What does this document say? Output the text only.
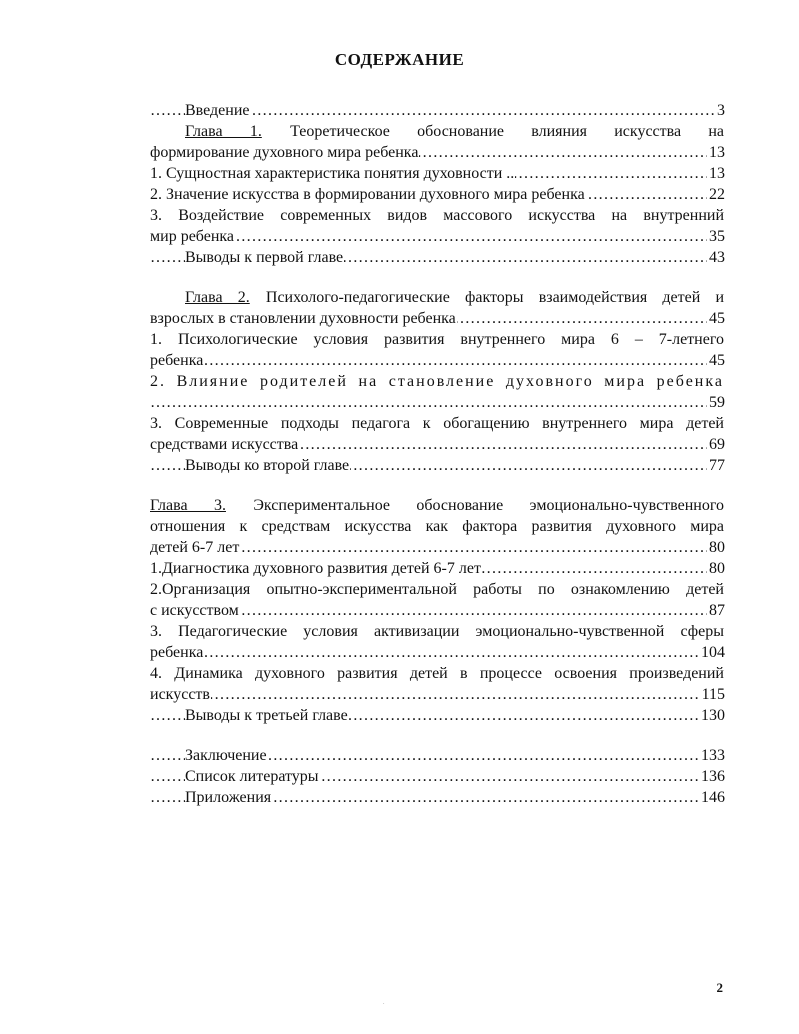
СОДЕРЖАНИЕ
Введение	3
…………………………………………………………………………………………………………………………
Глава 1. Теоретическое обоснование влияния искусства на
формирование духовного мира ребенка	13
…………………………………………………………………………………………………………………………
1. Сущностная характеристика понятия духовности ..	13
…………………………………………………………………………………………………………………………
2. Значение искусства в формировании духовного мира ребенка	22
…………………………………………………………………………………………………………………………
3. Воздействие современных видов массового искусства на внутренний
мир ребенка	35
…………………………………………………………………………………………………………………………
Выводы к первой главе	43
…………………………………………………………………………………………………………………………
Глава 2. Психолого-педагогические факторы взаимодействия детей и
взрослых в становлении духовности ребенка	45
…………………………………………………………………………………………………………………………
1. Психологические условия развития внутреннего мира 6 – 7-летнего
ребенка	45
…………………………………………………………………………………………………………………………
2. Влияние родителей на становление духовного мира ребенка
59
…………………………………………………………………………………………………………………………
3. Современные подходы педагога к обогащению внутреннего мира детей
средствами искусства	69
…………………………………………………………………………………………………………………………
Выводы ко второй главе	77
…………………………………………………………………………………………………………………………
Глава 3. Экспериментальное обоснование эмоционально-чувственного
отношения к средствам искусства как фактора развития духовного мира
детей 6-7 лет	80
…………………………………………………………………………………………………………………………
1.Диагностика духовного развития детей 6-7 лет	80
…………………………………………………………………………………………………………………………
2.Организация опытно-экспериментальной работы по ознакомлению детей
с искусством	87
…………………………………………………………………………………………………………………………
3. Педагогические условия активизации эмоционально-чувственной сферы
ребенка	104
…………………………………………………………………………………………………………………………
4. Динамика духовного развития детей в процессе освоения произведений
искусств	115
…………………………………………………………………………………………………………………………
Выводы к третьей главе	130
…………………………………………………………………………………………………………………………
Заключение	133
…………………………………………………………………………………………………………………………
Список литературы	136
…………………………………………………………………………………………………………………………
Приложения	146
…………………………………………………………………………………………………………………………
2
.
